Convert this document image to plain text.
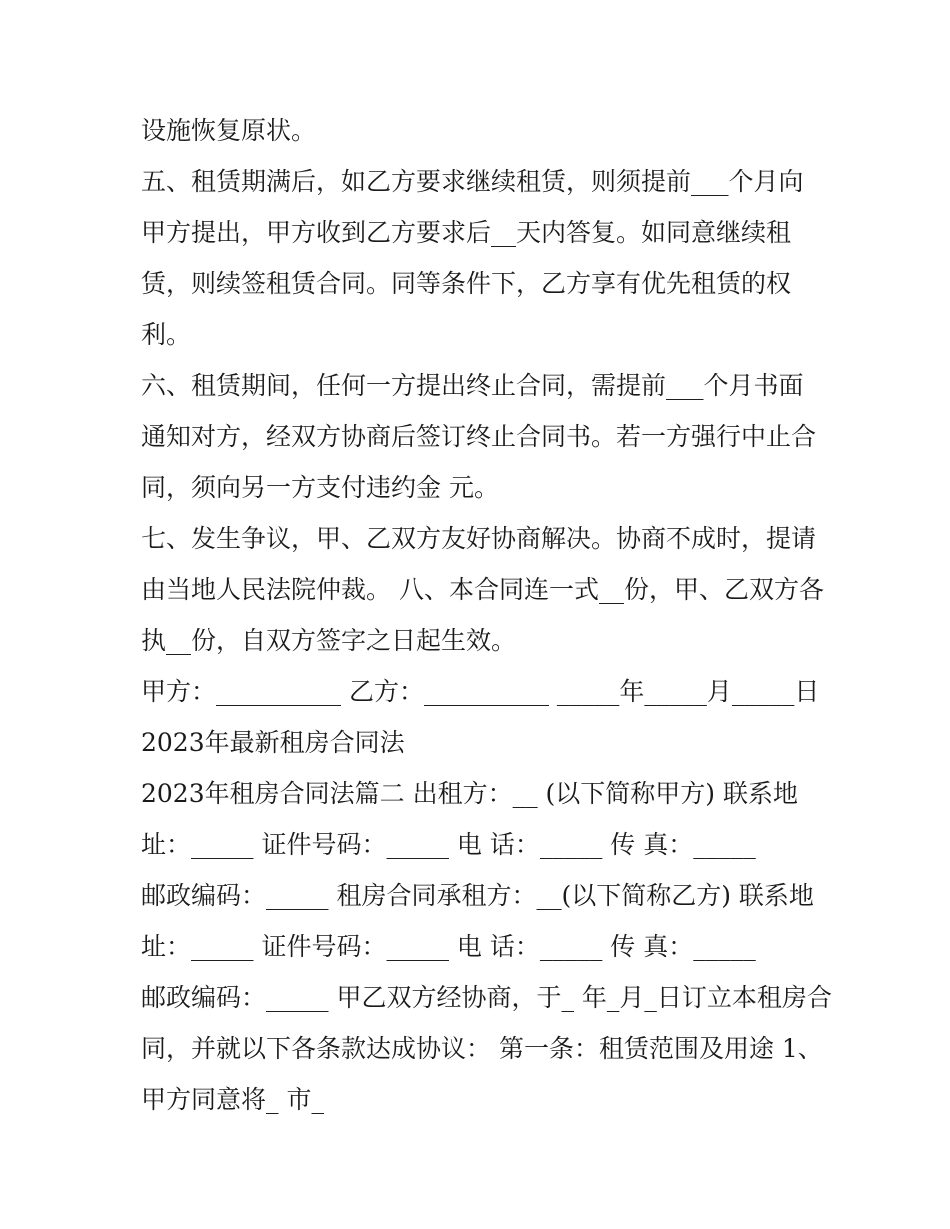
设施恢复原状。
五、租赁期满后，如乙方要求继续租赁，则须提前___个月向
甲方提出，甲方收到乙方要求后__天内答复。如同意继续租
赁，则续签租赁合同。同等条件下，乙方享有优先租赁的权
利。
六、租赁期间，任何一方提出终止合同，需提前___个月书面
通知对方，经双方协商后签订终止合同书。若一方强行中止合
同，须向另一方支付违约金 元。
七、发生争议，甲、乙双方友好协商解决。协商不成时，提请
由当地人民法院仲裁。 八、本合同连一式__份，甲、乙双方各
执__份，自双方签字之日起生效。
甲方：__________ 乙方：__________ _____年_____月_____日
2023年最新租房合同法
2023年租房合同法篇二 出租方：__ (以下简称甲方) 联系地
址：_____ 证件号码：_____ 电 话：_____ 传 真：_____
邮政编码：_____ 租房合同承租方：__(以下简称乙方) 联系地
址：_____ 证件号码：_____ 电 话：_____ 传 真：_____
邮政编码：_____ 甲乙双方经协商，于_ 年_月_日订立本租房合
同，并就以下各条款达成协议： 第一条：租赁范围及用途 1、
甲方同意将_ 市_
